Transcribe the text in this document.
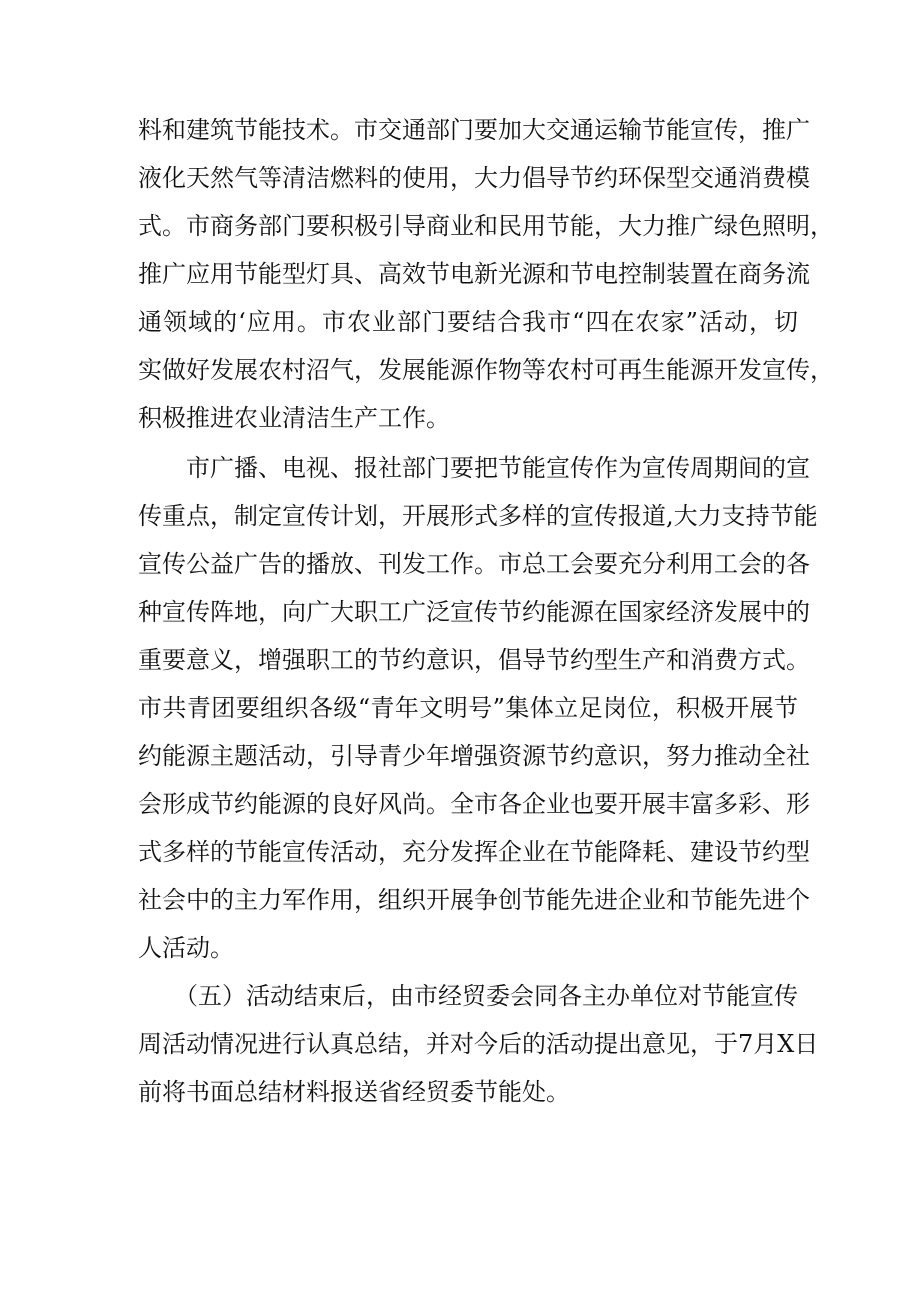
料和建筑节能技术。市交通部门要加大交通运输节能宣传，推广
液化天然气等清洁燃料的使用，大力倡导节约环保型交通消费模
式。市商务部门要积极引导商业和民用节能，大力推广绿色照明，
推广应用节能型灯具、高效节电新光源和节电控制装置在商务流
通领域的‘应用。市农业部门要结合我市“四在农家”活动，切
实做好发展农村沼气，发展能源作物等农村可再生能源开发宣传，
积极推进农业清洁生产工作。
　　市广播、电视、报社部门要把节能宣传作为宣传周期间的宣
传重点，制定宣传计划，开展形式多样的宣传报道,大力支持节能
宣传公益广告的播放、刊发工作。市总工会要充分利用工会的各
种宣传阵地，向广大职工广泛宣传节约能源在国家经济发展中的
重要意义，增强职工的节约意识，倡导节约型生产和消费方式。
市共青团要组织各级“青年文明号”集体立足岗位，积极开展节
约能源主题活动，引导青少年增强资源节约意识，努力推动全社
会形成节约能源的良好风尚。全市各企业也要开展丰富多彩、形
式多样的节能宣传活动，充分发挥企业在节能降耗、建设节约型
社会中的主力军作用，组织开展争创节能先进企业和节能先进个
人活动。
　　（五）活动结束后，由市经贸委会同各主办单位对节能宣传
周活动情况进行认真总结，并对今后的活动提出意见，于7月X日
前将书面总结材料报送省经贸委节能处。
